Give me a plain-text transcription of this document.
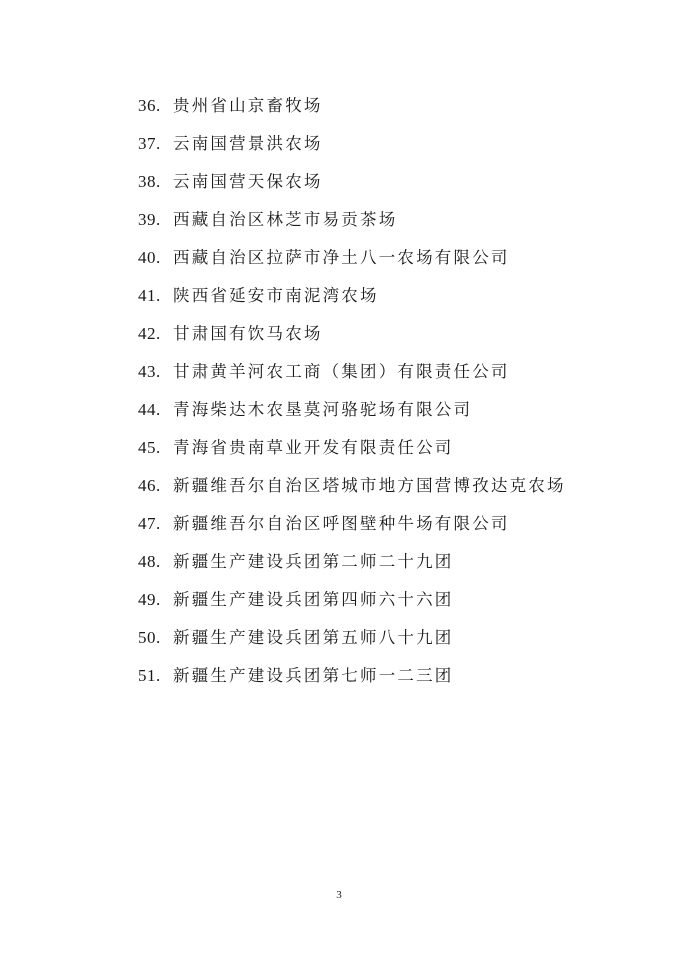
36. 贵州省山京畜牧场
37. 云南国营景洪农场
38. 云南国营天保农场
39. 西藏自治区林芝市易贡茶场
40. 西藏自治区拉萨市净土八一农场有限公司
41. 陕西省延安市南泥湾农场
42. 甘肃国有饮马农场
43. 甘肃黄羊河农工商（集团）有限责任公司
44. 青海柴达木农垦莫河骆驼场有限公司
45. 青海省贵南草业开发有限责任公司
46. 新疆维吾尔自治区塔城市地方国营博孜达克农场
47. 新疆维吾尔自治区呼图壁种牛场有限公司
48. 新疆生产建设兵团第二师二十九团
49. 新疆生产建设兵团第四师六十六团
50. 新疆生产建设兵团第五师八十九团
51. 新疆生产建设兵团第七师一二三团
3
